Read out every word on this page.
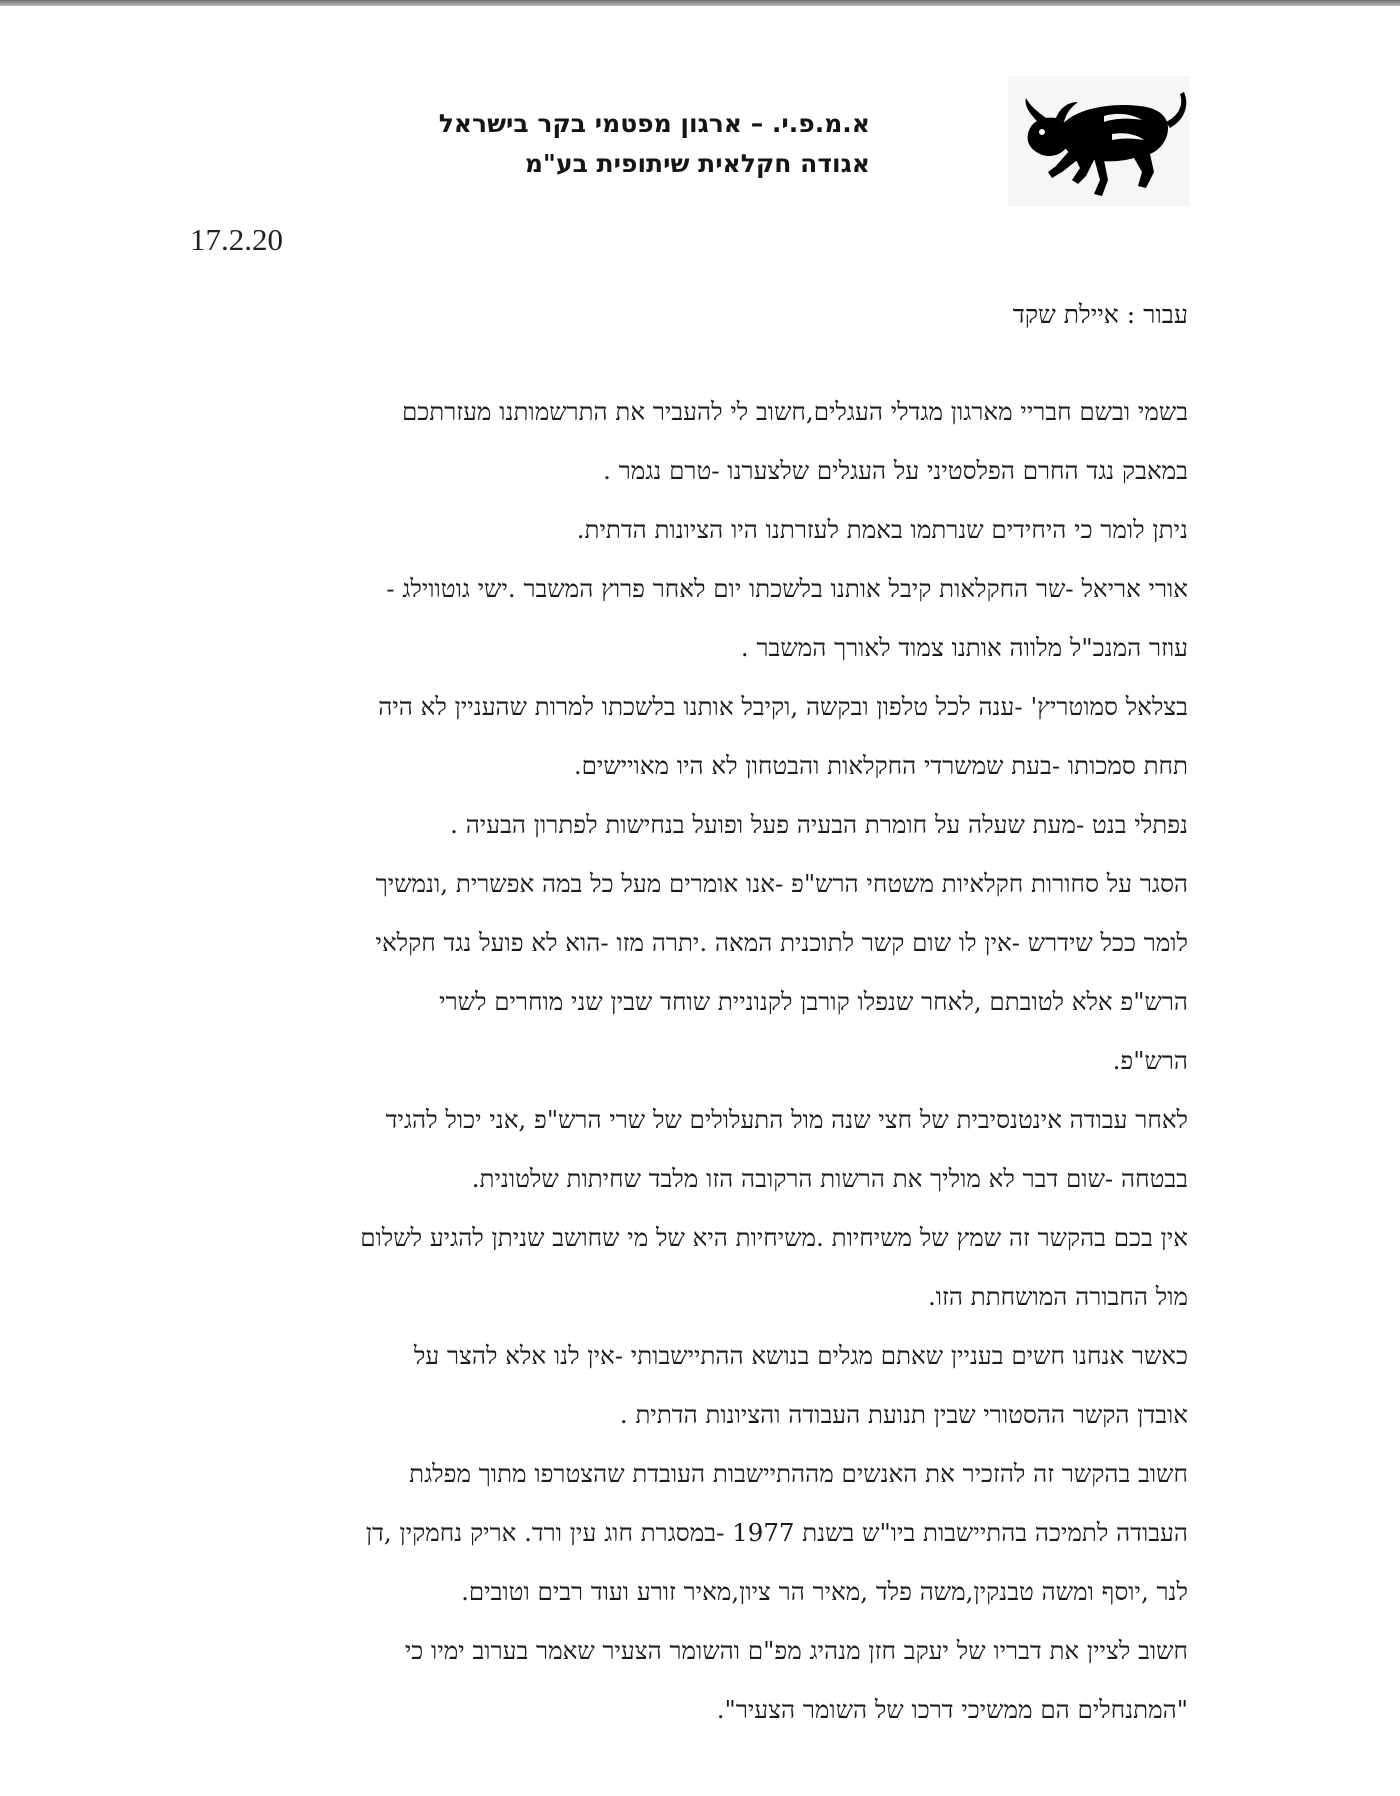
א.מ.פ.י. – ארגון מפטמי בקר בישראל
אגודה חקלאית שיתופית בע"מ
17.2.20
עבור : איילת שקד
בשמי ובשם חבריי מארגון מגדלי העגלים,חשוב לי להעביר את התרשמותנו מעזרתכם
במאבק נגד החרם הפלסטיני על העגלים שלצערנו -טרם נגמר .
ניתן לומר כי היחידים שנרתמו באמת לעזרתנו היו הציונות הדתית.
אורי אריאל -שר החקלאות קיבל אותנו בלשכתו יום לאחר פרוץ המשבר .ישי גוטווילג -
עוזר המנכ"ל מלווה אותנו צמוד לאורך המשבר .
בצלאל סמוטריץ' -ענה לכל טלפון ובקשה ,וקיבל אותנו בלשכתו למרות שהעניין לא היה
תחת סמכותו -בעת שמשרדי החקלאות והבטחון לא היו מאויישים.
נפתלי בנט -מעת שעלה על חומרת הבעיה פעל ופועל בנחישות לפתרון הבעיה .
הסגר על סחורות חקלאיות משטחי הרש"פ -אנו אומרים מעל כל במה אפשרית ,ונמשיך
לומר ככל שידרש -אין לו שום קשר לתוכנית המאה .יתרה מזו -הוא לא פועל נגד חקלאי
הרש"פ אלא לטובתם ,לאחר שנפלו קורבן לקנוניית שוחד שבין שני מוחרים לשרי
הרש"פ.
לאחר עבודה אינטנסיבית של חצי שנה מול התעלולים של שרי הרש"פ ,אני יכול להגיד
בבטחה -שום דבר לא מוליך את הרשות הרקובה הזו מלבד שחיתות שלטונית.
אין בכם בהקשר זה שמץ של משיחיות .משיחיות היא של מי שחושב שניתן להגיע לשלום
מול החבורה המושחתת הזו.
כאשר אנחנו חשים בעניין שאתם מגלים בנושא ההתיישבותי -אין לנו אלא להצר על
אובדן הקשר ההסטורי שבין תנועת העבודה והציונות הדתית .
חשוב בהקשר זה להזכיר את האנשים מההתיישבות העובדת שהצטרפו מתוך מפלגת
העבודה לתמיכה בהתיישבות ביו"ש בשנת 1977 -במסגרת חוג עין ורד. אריק נחמקין ,דן
לנר ,יוסף ומשה טבנקין,משה פלד ,מאיר הר ציון,מאיר זורע ועוד רבים וטובים.
חשוב לציין את דבריו של יעקב חזן מנהיג מפ"ם והשומר הצעיר שאמר בערוב ימיו כי
"המתנחלים הם ממשיכי דרכו של השומר הצעיר".
